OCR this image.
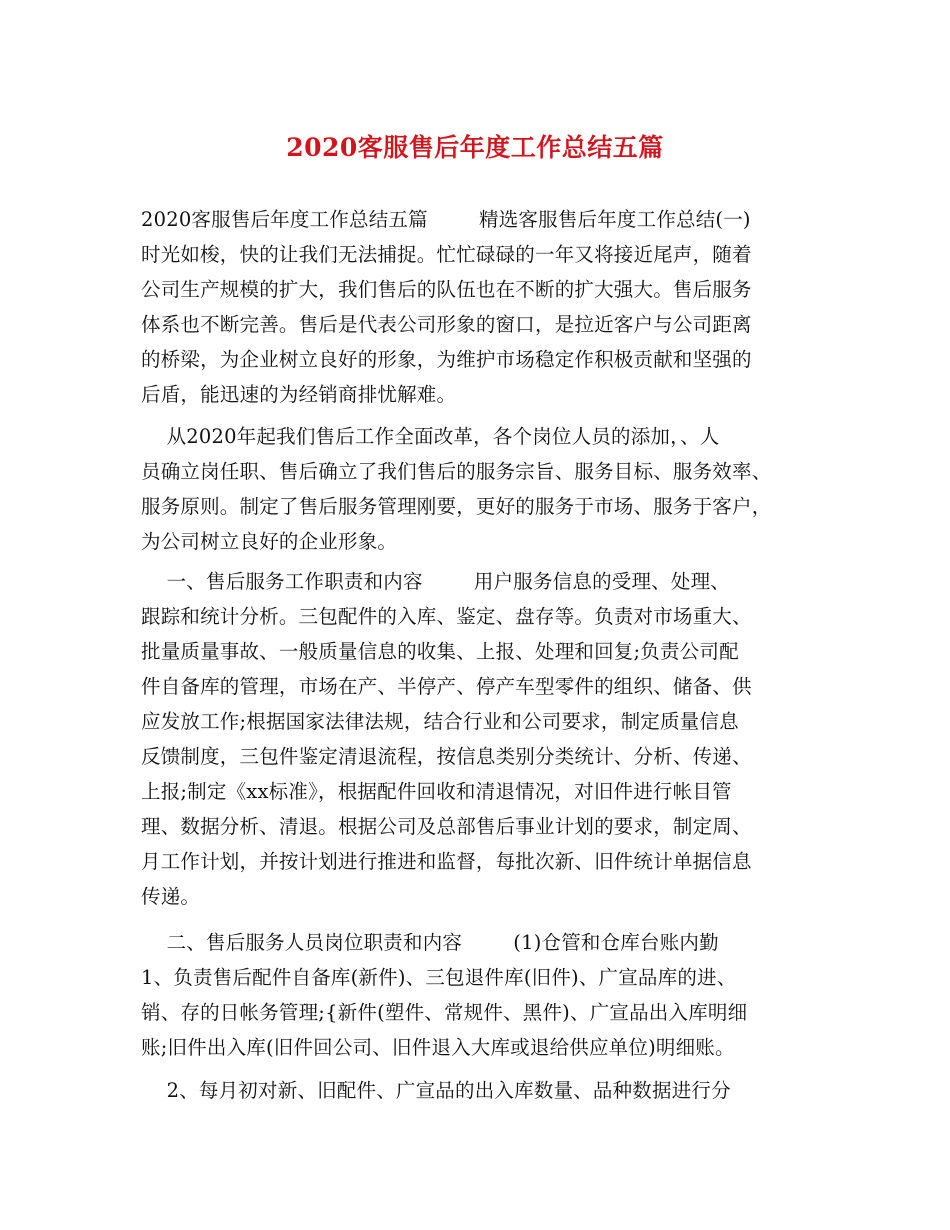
2020客服售后年度工作总结五篇

2020客服售后年度工作总结五篇        精选客服售后年度工作总结(一)

时光如梭，快的让我们无法捕捉。忙忙碌碌的一年又将接近尾声，随着

公司生产规模的扩大，我们售后的队伍也在不断的扩大强大。售后服务

体系也不断完善。售后是代表公司形象的窗口，是拉近客户与公司距离

的桥梁，为企业树立良好的形象，为维护市场稳定作积极贡献和坚强的

后盾，能迅速的为经销商排忧解难。

从2020年起我们售后工作全面改革，各个岗位人员的添加，、人

员确立岗任职、售后确立了我们售后的服务宗旨、服务目标、服务效率、

服务原则。制定了售后服务管理刚要，更好的服务于市场、服务于客户，

为公司树立良好的企业形象。

一、售后服务工作职责和内容        用户服务信息的受理、处理、

跟踪和统计分析。三包配件的入库、鉴定、盘存等。负责对市场重大、

批量质量事故、一般质量信息的收集、上报、处理和回复;负责公司配

件自备库的管理，市场在产、半停产、停产车型零件的组织、储备、供

应发放工作;根据国家法律法规，结合行业和公司要求，制定质量信息

反馈制度，三包件鉴定清退流程，按信息类别分类统计、分析、传递、

上报;制定《xx标准》，根据配件回收和清退情况，对旧件进行帐目管

理、数据分析、清退。根据公司及总部售后事业计划的要求，制定周、

月工作计划，并按计划进行推进和监督，每批次新、旧件统计单据信息

传递。

二、售后服务人员岗位职责和内容        (1)仓管和仓库台账内勤

1、负责售后配件自备库(新件)、三包退件库(旧件)、广宣品库的进、

销、存的日帐务管理;{新件(塑件、常规件、黑件)、广宣品出入库明细

账;旧件出入库(旧件回公司、旧件退入大库或退给供应单位)明细账。

2、每月初对新、旧配件、广宣品的出入库数量、品种数据进行分
